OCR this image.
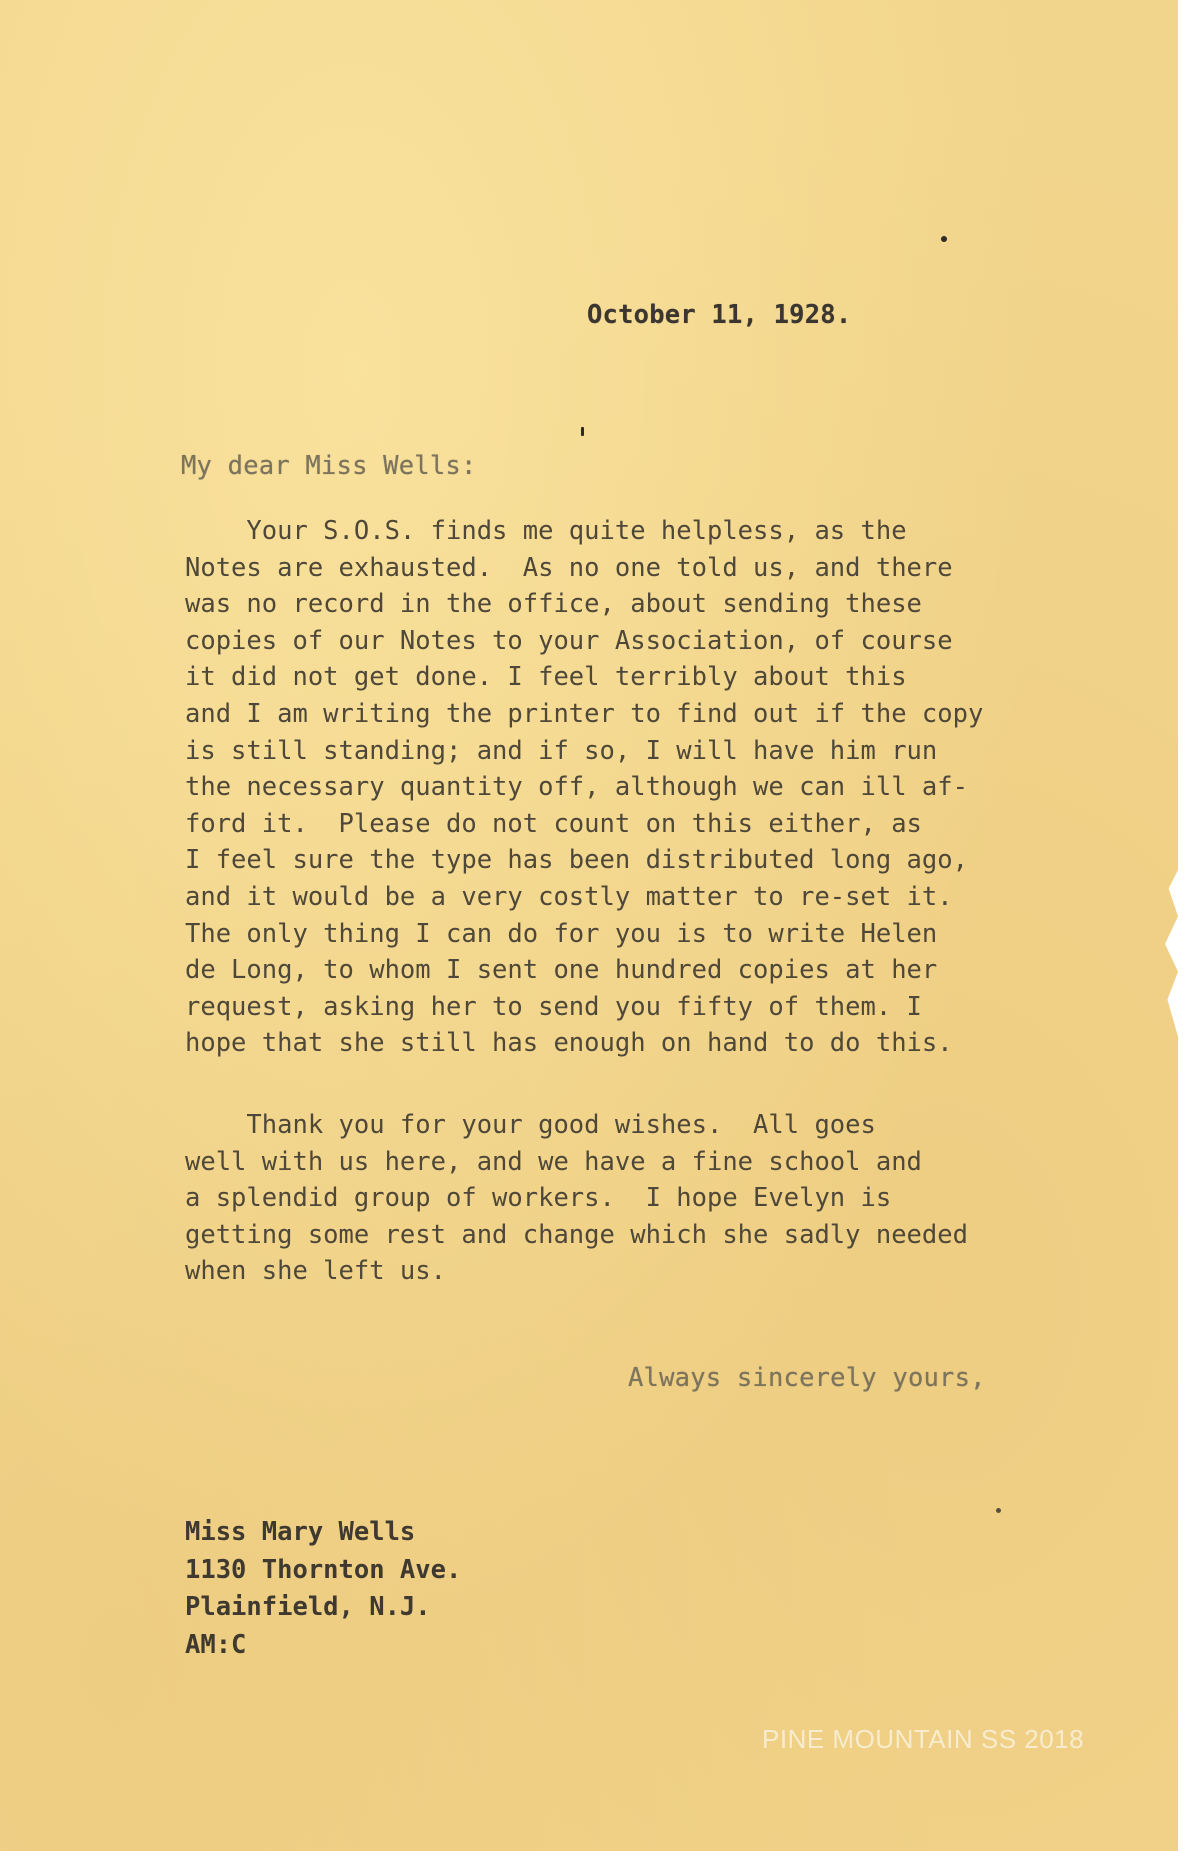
October 11, 1928.
My dear Miss Wells:
Your S.O.S. finds me quite helpless, as the
Notes are exhausted.  As no one told us, and there
was no record in the office, about sending these
copies of our Notes to your Association, of course
it did not get done. I feel terribly about this
and I am writing the printer to find out if the copy
is still standing; and if so, I will have him run
the necessary quantity off, although we can ill af-
ford it.  Please do not count on this either, as
I feel sure the type has been distributed long ago,
and it would be a very costly matter to re-set it.
The only thing I can do for you is to write Helen
de Long, to whom I sent one hundred copies at her
request, asking her to send you fifty of them. I
hope that she still has enough on hand to do this.
Thank you for your good wishes.  All goes
well with us here, and we have a fine school and
a splendid group of workers.  I hope Evelyn is
getting some rest and change which she sadly needed
when she left us.
Always sincerely yours,
Miss Mary Wells
1130 Thornton Ave.
Plainfield, N.J.
AM:C
PINE MOUNTAIN SS 2018
